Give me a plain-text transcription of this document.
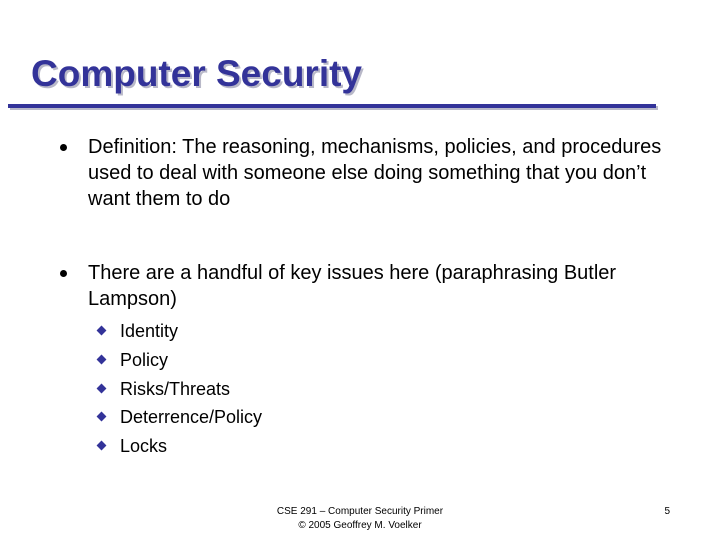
Computer Security

Definition: The reasoning, mechanisms, policies, and procedures used to deal with someone else doing something that you don’t want them to do

There are a handful of key issues here (paraphrasing Butler Lampson)

Identity
Policy
Risks/Threats
Deterrence/Policy
Locks
CSE 291 – Computer Security Primer
© 2005 Geoffrey M. Voelker
5
